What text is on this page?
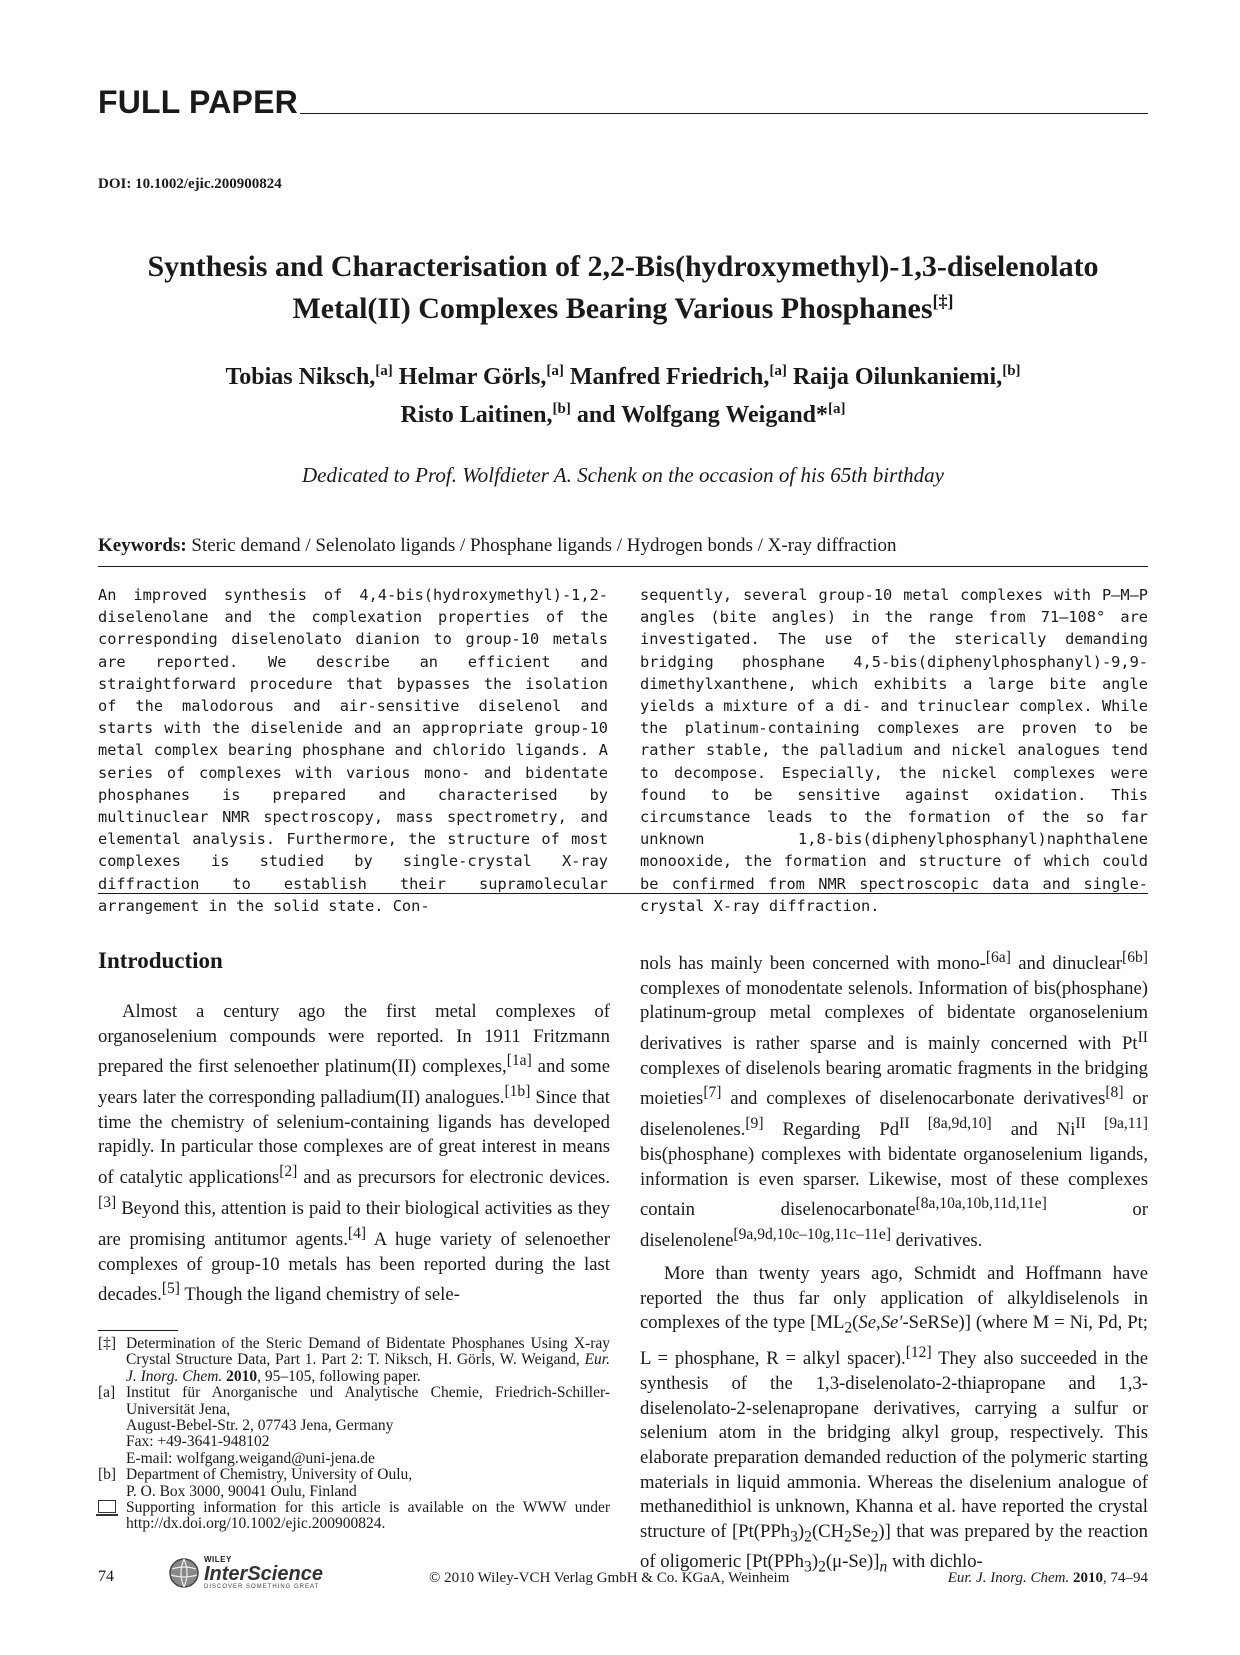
FULL PAPER
DOI: 10.1002/ejic.200900824
Synthesis and Characterisation of 2,2-Bis(hydroxymethyl)-1,3-diselenolato
Metal(II) Complexes Bearing Various Phosphanes[‡]
Tobias Niksch,[a] Helmar Görls,[a] Manfred Friedrich,[a] Raija Oilunkaniemi,[b]
Risto Laitinen,[b] and Wolfgang Weigand*[a]
Dedicated to Prof. Wolfdieter A. Schenk on the occasion of his 65th birthday
Keywords: Steric demand / Selenolato ligands / Phosphane ligands / Hydrogen bonds / X-ray diffraction
An improved synthesis of 4,4-bis(hydroxymethyl)-1,2-diselenolane and the complexation properties of the corresponding diselenolato dianion to group-10 metals are reported. We describe an efficient and straightforward procedure that bypasses the isolation of the malodorous and air-sensitive diselenol and starts with the diselenide and an appropriate group-10 metal complex bearing phosphane and chlorido ligands. A series of complexes with various mono- and bidentate phosphanes is prepared and characterised by multinuclear NMR spectroscopy, mass spectrometry, and elemental analysis. Furthermore, the structure of most complexes is studied by single-crystal X-ray diffraction to establish their supramolecular arrangement in the solid state. Con-
sequently, several group-10 metal complexes with P–M–P angles (bite angles) in the range from 71–108° are investigated. The use of the sterically demanding bridging phosphane 4,5-bis(diphenylphosphanyl)-9,9-dimethylxanthene, which exhibits a large bite angle yields a mixture of a di- and trinuclear complex. While the platinum-containing complexes are proven to be rather stable, the palladium and nickel analogues tend to decompose. Especially, the nickel complexes were found to be sensitive against oxidation. This circumstance leads to the formation of the so far unknown 1,8-bis(diphenylphosphanyl)naphthalene monooxide, the formation and structure of which could be confirmed from NMR spectroscopic data and single-crystal X-ray diffraction.
Introduction

Almost a century ago the first metal complexes of organoselenium compounds were reported. In 1911 Fritzmann prepared the first selenoether platinum(II) complexes,[1a] and some years later the corresponding palladium(II) analogues.[1b] Since that time the chemistry of selenium-containing ligands has developed rapidly. In particular those complexes are of great interest in means of catalytic applications[2] and as precursors for electronic devices.[3] Beyond this, attention is paid to their biological activities as they are promising antitumor agents.[4] A huge variety of selenoether complexes of group-10 metals has been reported during the last decades.[5] Though the ligand chemistry of sele-

nols has mainly been concerned with mono-[6a] and dinuclear[6b] complexes of monodentate selenols. Information of bis(phosphane) platinum-group metal complexes of bidentate organoselenium derivatives is rather sparse and is mainly concerned with $Pt^{II}$ complexes of diselenols bearing aromatic fragments in the bridging moieties[7] and complexes of diselenocarbonate derivatives[8] or diselenolenes.[9] Regarding $Pd^{II [8a,9d,10]}$ and $Ni^{II [9a,11]}$ bis(phosphane) complexes with bidentate organoselenium ligands, information is even sparser. Likewise, most of these complexes contain diselenocarbonate[8a,10a,10b,11d,11e] or diselenolene[9a,9d,10c–10g,11c–11e] derivatives.

More than twenty years ago, Schmidt and Hoffmann have reported the thus far only application of alkyldiselenols in complexes of the type $[ML_2(Se,Se'-SeRSe)]$ (where M = Ni, Pd, Pt; L = phosphane, R = alkyl spacer).[12] They also succeeded in the synthesis of the 1,3-diselenolato-2-thiapropane and 1,3-diselenolato-2-selenapropane derivatives, carrying a sulfur or selenium atom in the bridging alkyl group, respectively. This elaborate preparation demanded reduction of the polymeric starting materials in liquid ammonia. Whereas the diselenium analogue of methanedithiol is unknown, Khanna et al. have reported the crystal structure of $[Pt(PPh_3)_2(CH_2Se_2)]$ that was prepared by the reaction of oligomeric $[Pt(PPh_3)_2(\mu-Se)]_n$ with dichlo-

[‡] Determination of the Steric Demand of Bidentate Phosphanes Using X-ray Crystal Structure Data, Part 1. Part 2: T. Niksch, H. Görls, W. Weigand, Eur. J. Inorg. Chem. 2010, 95–105, following paper.
[a] Institut für Anorganische und Analytische Chemie, Friedrich-Schiller-Universität Jena,
August-Bebel-Str. 2, 07743 Jena, Germany
Fax: +49-3641-948102
E-mail: wolfgang.weigand@uni-jena.de
[b] Department of Chemistry, University of Oulu,
P. O. Box 3000, 90041 Oulu, Finland
Supporting information for this article is available on the WWW under http://dx.doi.org/10.1002/ejic.200900824.
74
WILEY
InterScience
DISCOVER SOMETHING GREAT
© 2010 Wiley-VCH Verlag GmbH & Co. KGaA, Weinheim	Eur. J. Inorg. Chem. 2010, 74–94
